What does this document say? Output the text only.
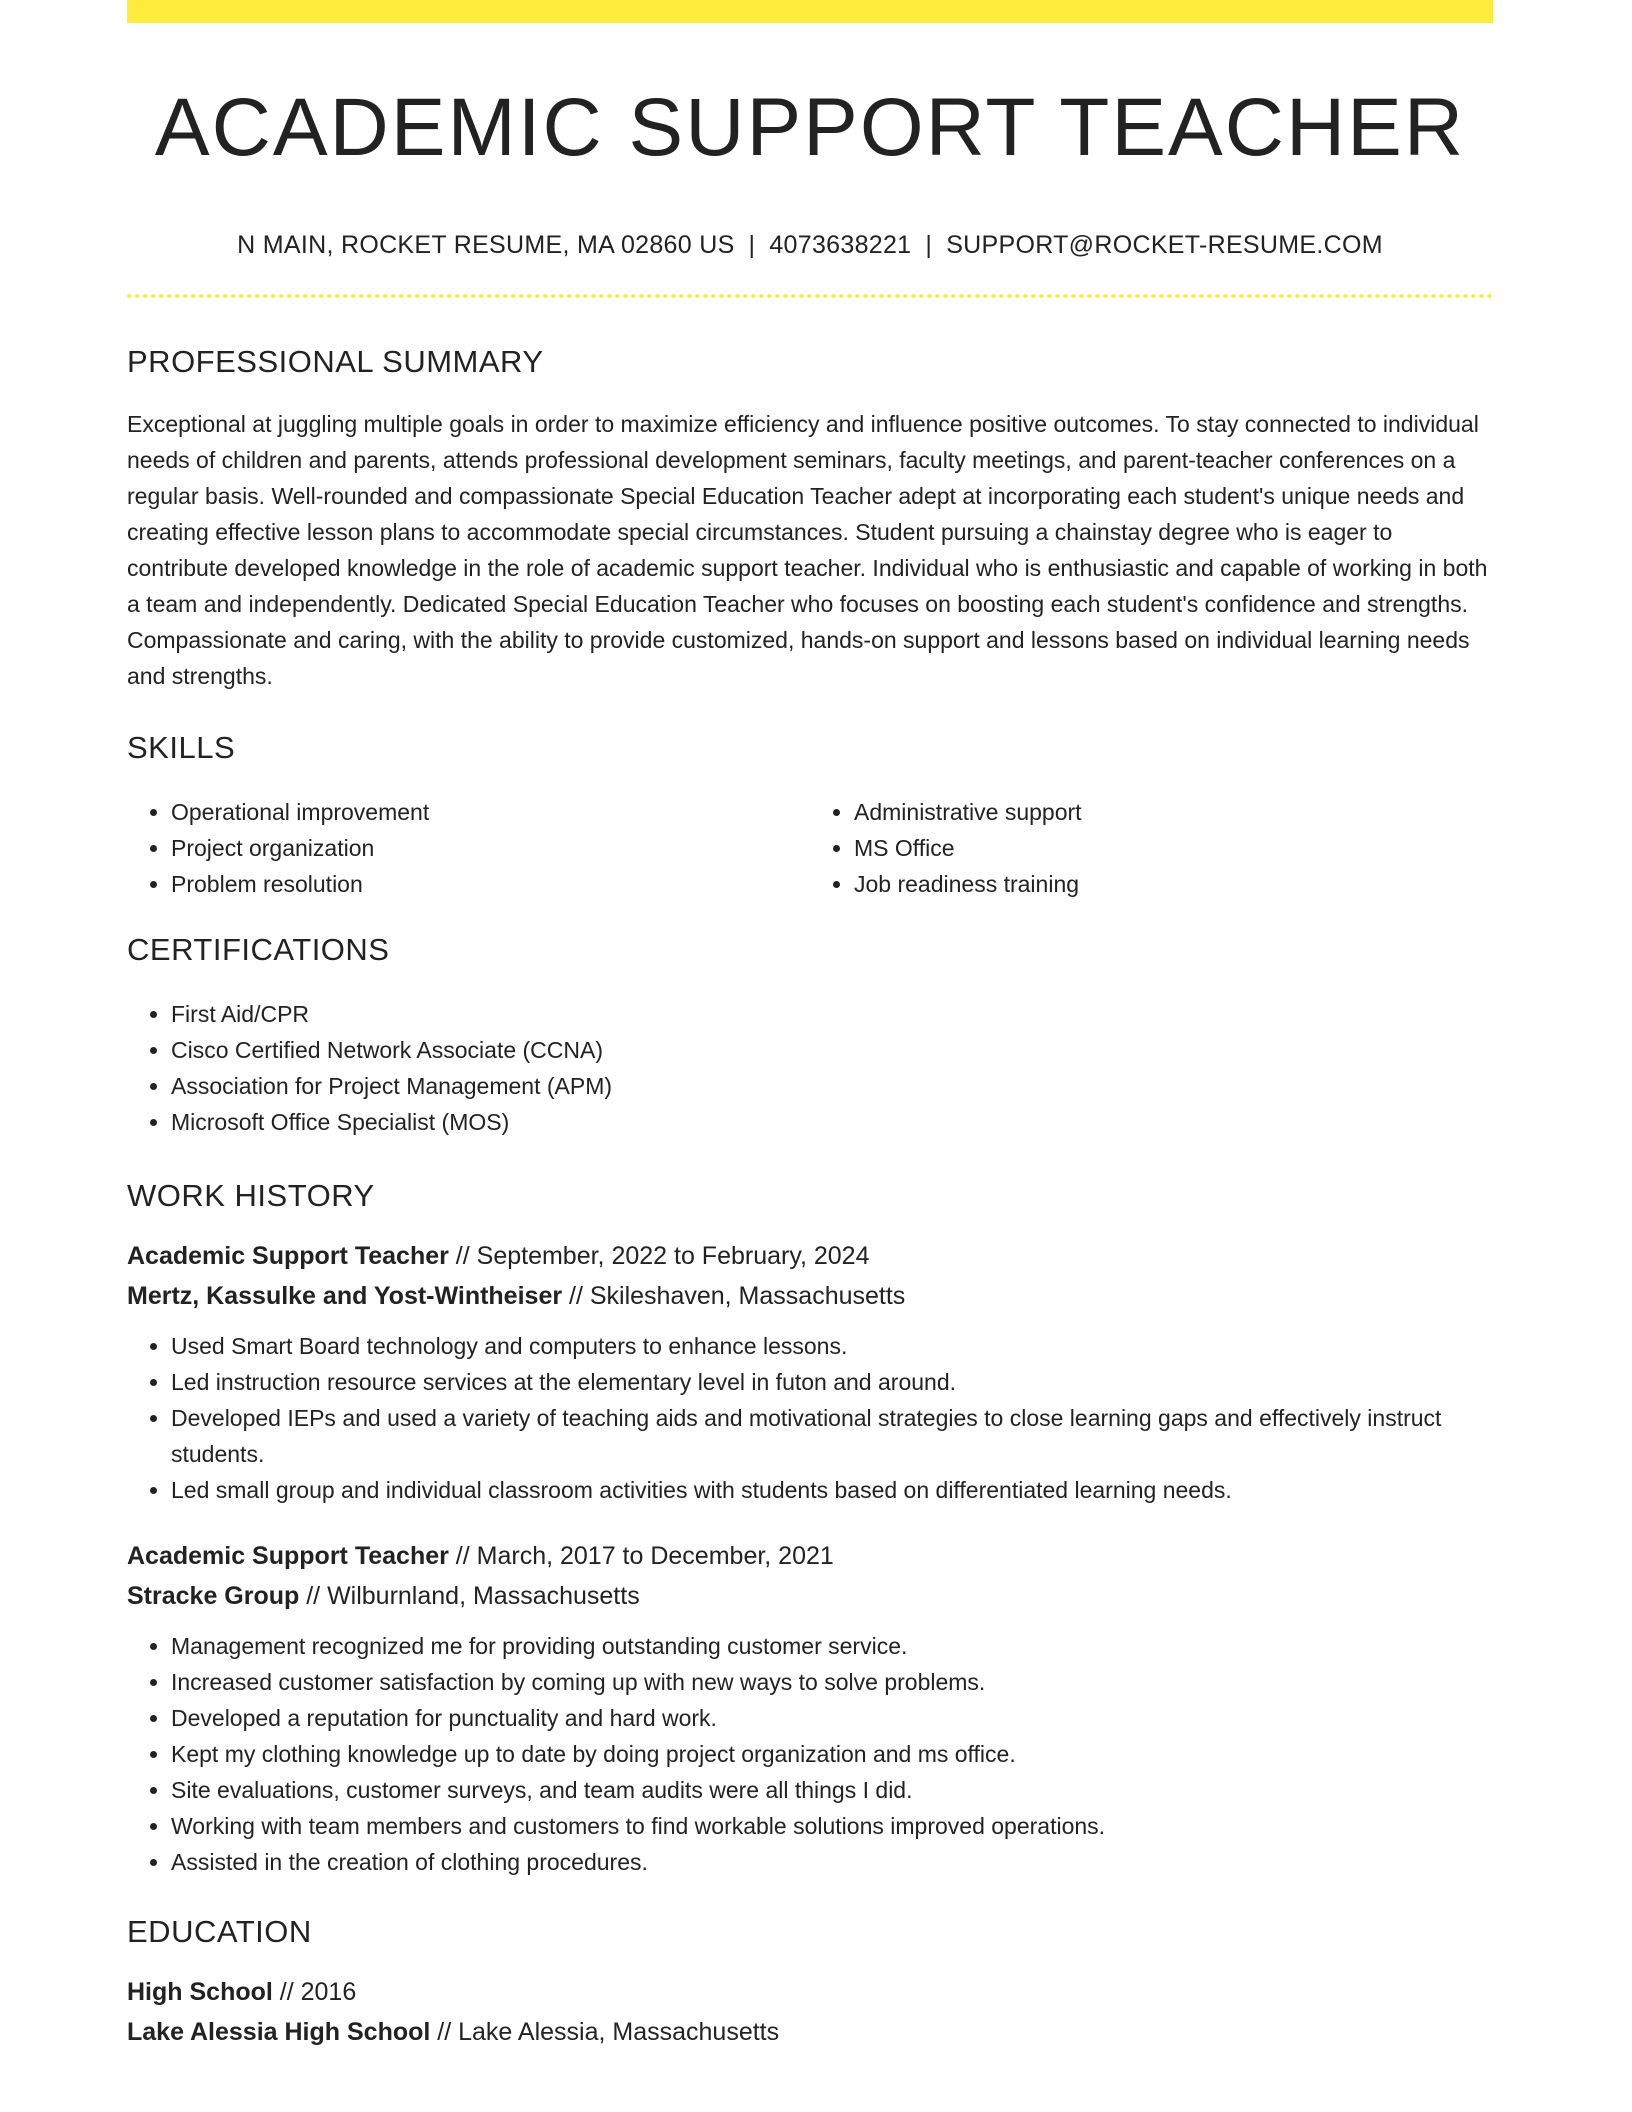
ACADEMIC SUPPORT TEACHER
N MAIN, ROCKET RESUME, MA 02860 US | 4073638221 | SUPPORT@ROCKET-RESUME.COM
PROFESSIONAL SUMMARY
Exceptional at juggling multiple goals in order to maximize efficiency and influence positive outcomes. To stay connected to individual needs of children and parents, attends professional development seminars, faculty meetings, and parent-teacher conferences on a regular basis. Well-rounded and compassionate Special Education Teacher adept at incorporating each student's unique needs and creating effective lesson plans to accommodate special circumstances. Student pursuing a chainstay degree who is eager to contribute developed knowledge in the role of academic support teacher. Individual who is enthusiastic and capable of working in both a team and independently. Dedicated Special Education Teacher who focuses on boosting each student's confidence and strengths. Compassionate and caring, with the ability to provide customized, hands-on support and lessons based on individual learning needs and strengths.
SKILLS
• Operational improvement
• Project organization
• Problem resolution
• Administrative support
• MS Office
• Job readiness training
CERTIFICATIONS
• First Aid/CPR
• Cisco Certified Network Associate (CCNA)
• Association for Project Management (APM)
• Microsoft Office Specialist (MOS)
WORK HISTORY
Academic Support Teacher // September, 2022 to February, 2024
Mertz, Kassulke and Yost-Wintheiser // Skileshaven, Massachusetts
• Used Smart Board technology and computers to enhance lessons.
• Led instruction resource services at the elementary level in futon and around.
• Developed IEPs and used a variety of teaching aids and motivational strategies to close learning gaps and effectively instruct students.
• Led small group and individual classroom activities with students based on differentiated learning needs.
Academic Support Teacher // March, 2017 to December, 2021
Stracke Group // Wilburnland, Massachusetts
• Management recognized me for providing outstanding customer service.
• Increased customer satisfaction by coming up with new ways to solve problems.
• Developed a reputation for punctuality and hard work.
• Kept my clothing knowledge up to date by doing project organization and ms office.
• Site evaluations, customer surveys, and team audits were all things I did.
• Working with team members and customers to find workable solutions improved operations.
• Assisted in the creation of clothing procedures.
EDUCATION
High School // 2016
Lake Alessia High School // Lake Alessia, Massachusetts
